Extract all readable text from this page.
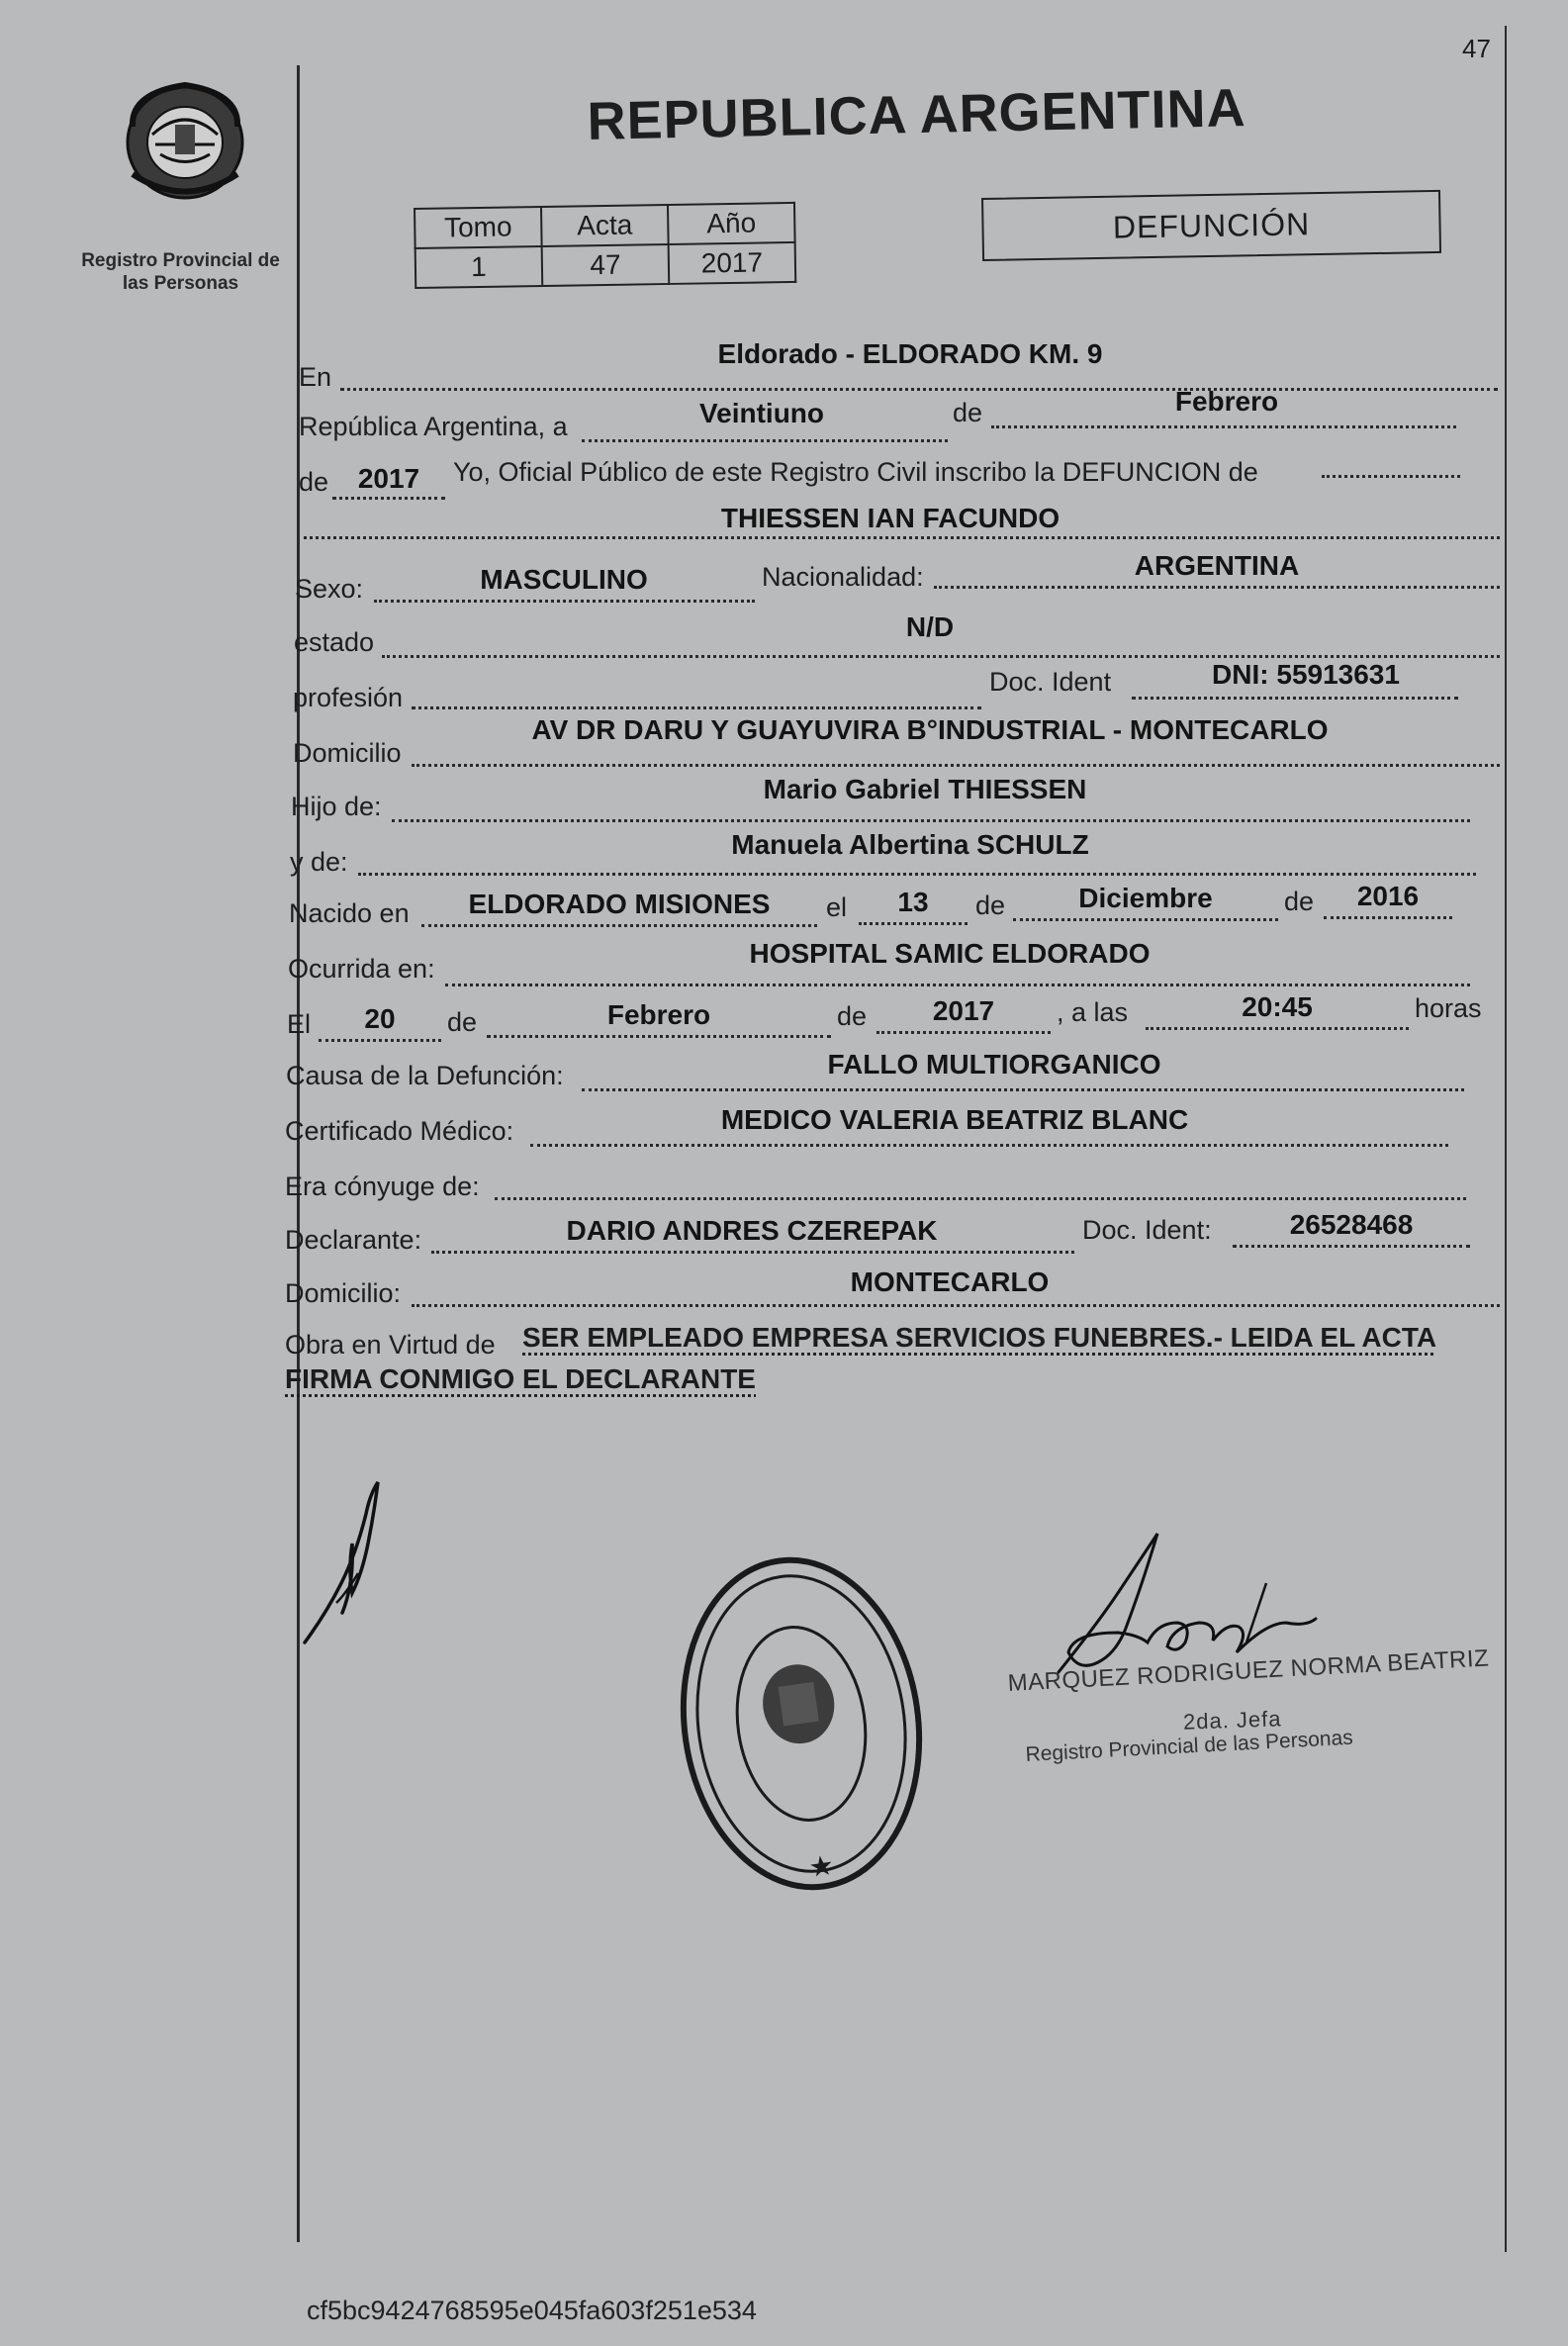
47
Registro Provincial de
las Personas
REPUBLICA ARGENTINA
Tomo	Acta	Año
1	47	2017
DEFUNCIÓN
En
Eldorado - ELDORADO KM. 9
República Argentina, a	Veintiuno	de	Febrero
de	2017	Yo, Oficial Público de este Registro Civil inscribo la DEFUNCION de
THIESSEN IAN FACUNDO
Sexo:	MASCULINO	Nacionalidad:	ARGENTINA
estado	N/D
profesión
Doc. Ident	DNI: 55913631
Domicilio
AV DR DARU Y GUAYUVIRA B°INDUSTRIAL - MONTECARLO
Hijo de:
Mario Gabriel THIESSEN
y de:
Manuela Albertina SCHULZ
Nacido en	ELDORADO MISIONES	el	13	de	Diciembre	de	2016
Ocurrida en:	HOSPITAL SAMIC ELDORADO
El	20	de	Febrero	de	2017	, a las	20:45	horas
Causa de la Defunción:	FALLO MULTIORGANICO
Certificado Médico:	MEDICO VALERIA BEATRIZ BLANC
Era cónyuge de:
Declarante:	DARIO ANDRES CZEREPAK	Doc. Ident:	26528468
Domicilio:	MONTECARLO
Obra en Virtud de SER EMPLEADO EMPRESA SERVICIOS FUNEBRES.- LEIDA EL ACTA
FIRMA CONMIGO EL DECLARANTE
★
MARQUEZ RODRIGUEZ NORMA BEATRIZ
2da. Jefa
Registro Provincial de las Personas
cf5bc9424768595e045fa603f251e534
